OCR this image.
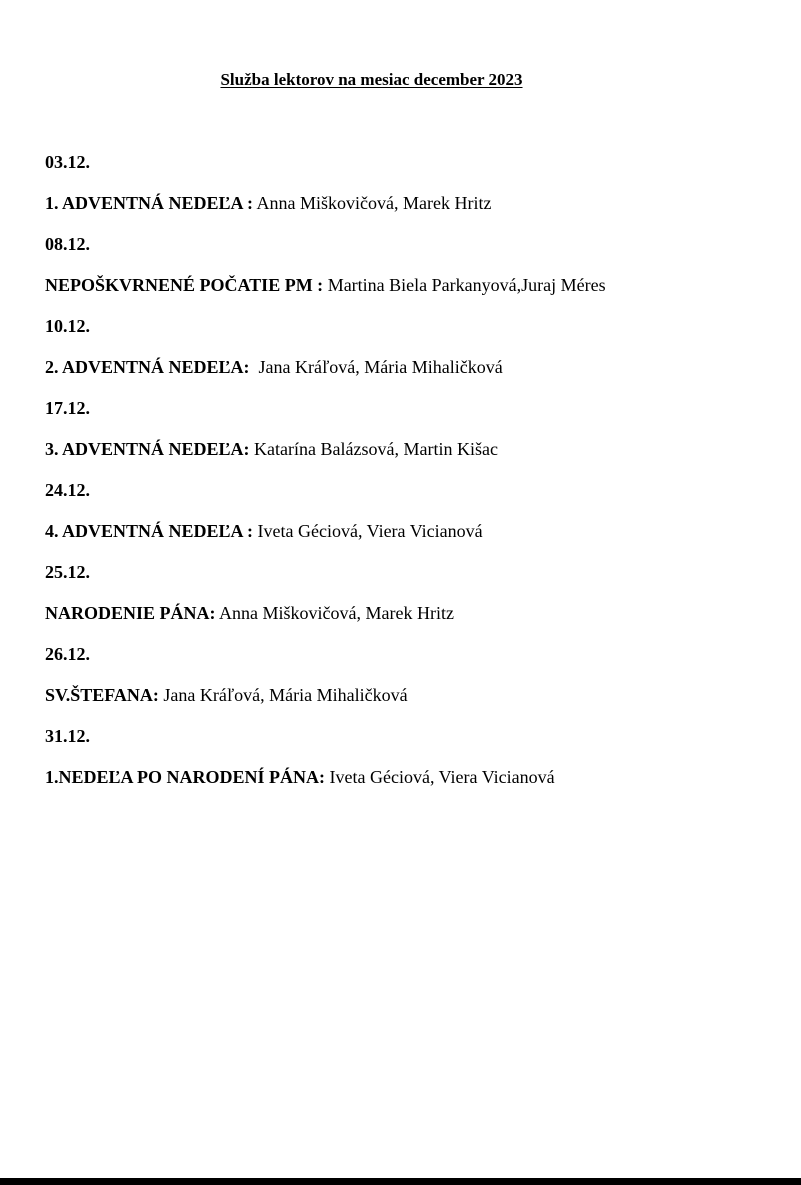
Služba lektorov na mesiac december 2023
03.12.
1. ADVENTNÁ NEDEĽA : Anna Miškovičová, Marek Hritz
08.12.
NEPOŠKVRNENÉ POČATIE PM : Martina Biela Parkanyová,Juraj Méres
10.12.
2. ADVENTNÁ NEDEĽA:  Jana Kráľová, Mária Mihaličková
17.12.
3. ADVENTNÁ NEDEĽA: Katarína Balázsová, Martin Kišac
24.12.
4. ADVENTNÁ NEDEĽA : Iveta Géciová, Viera Vicianová
25.12.
NARODENIE PÁNA: Anna Miškovičová, Marek Hritz
26.12.
SV.ŠTEFANA: Jana Kráľová, Mária Mihaličková
31.12.
1.NEDEĽA PO NARODENÍ PÁNA: Iveta Géciová, Viera Vicianová
